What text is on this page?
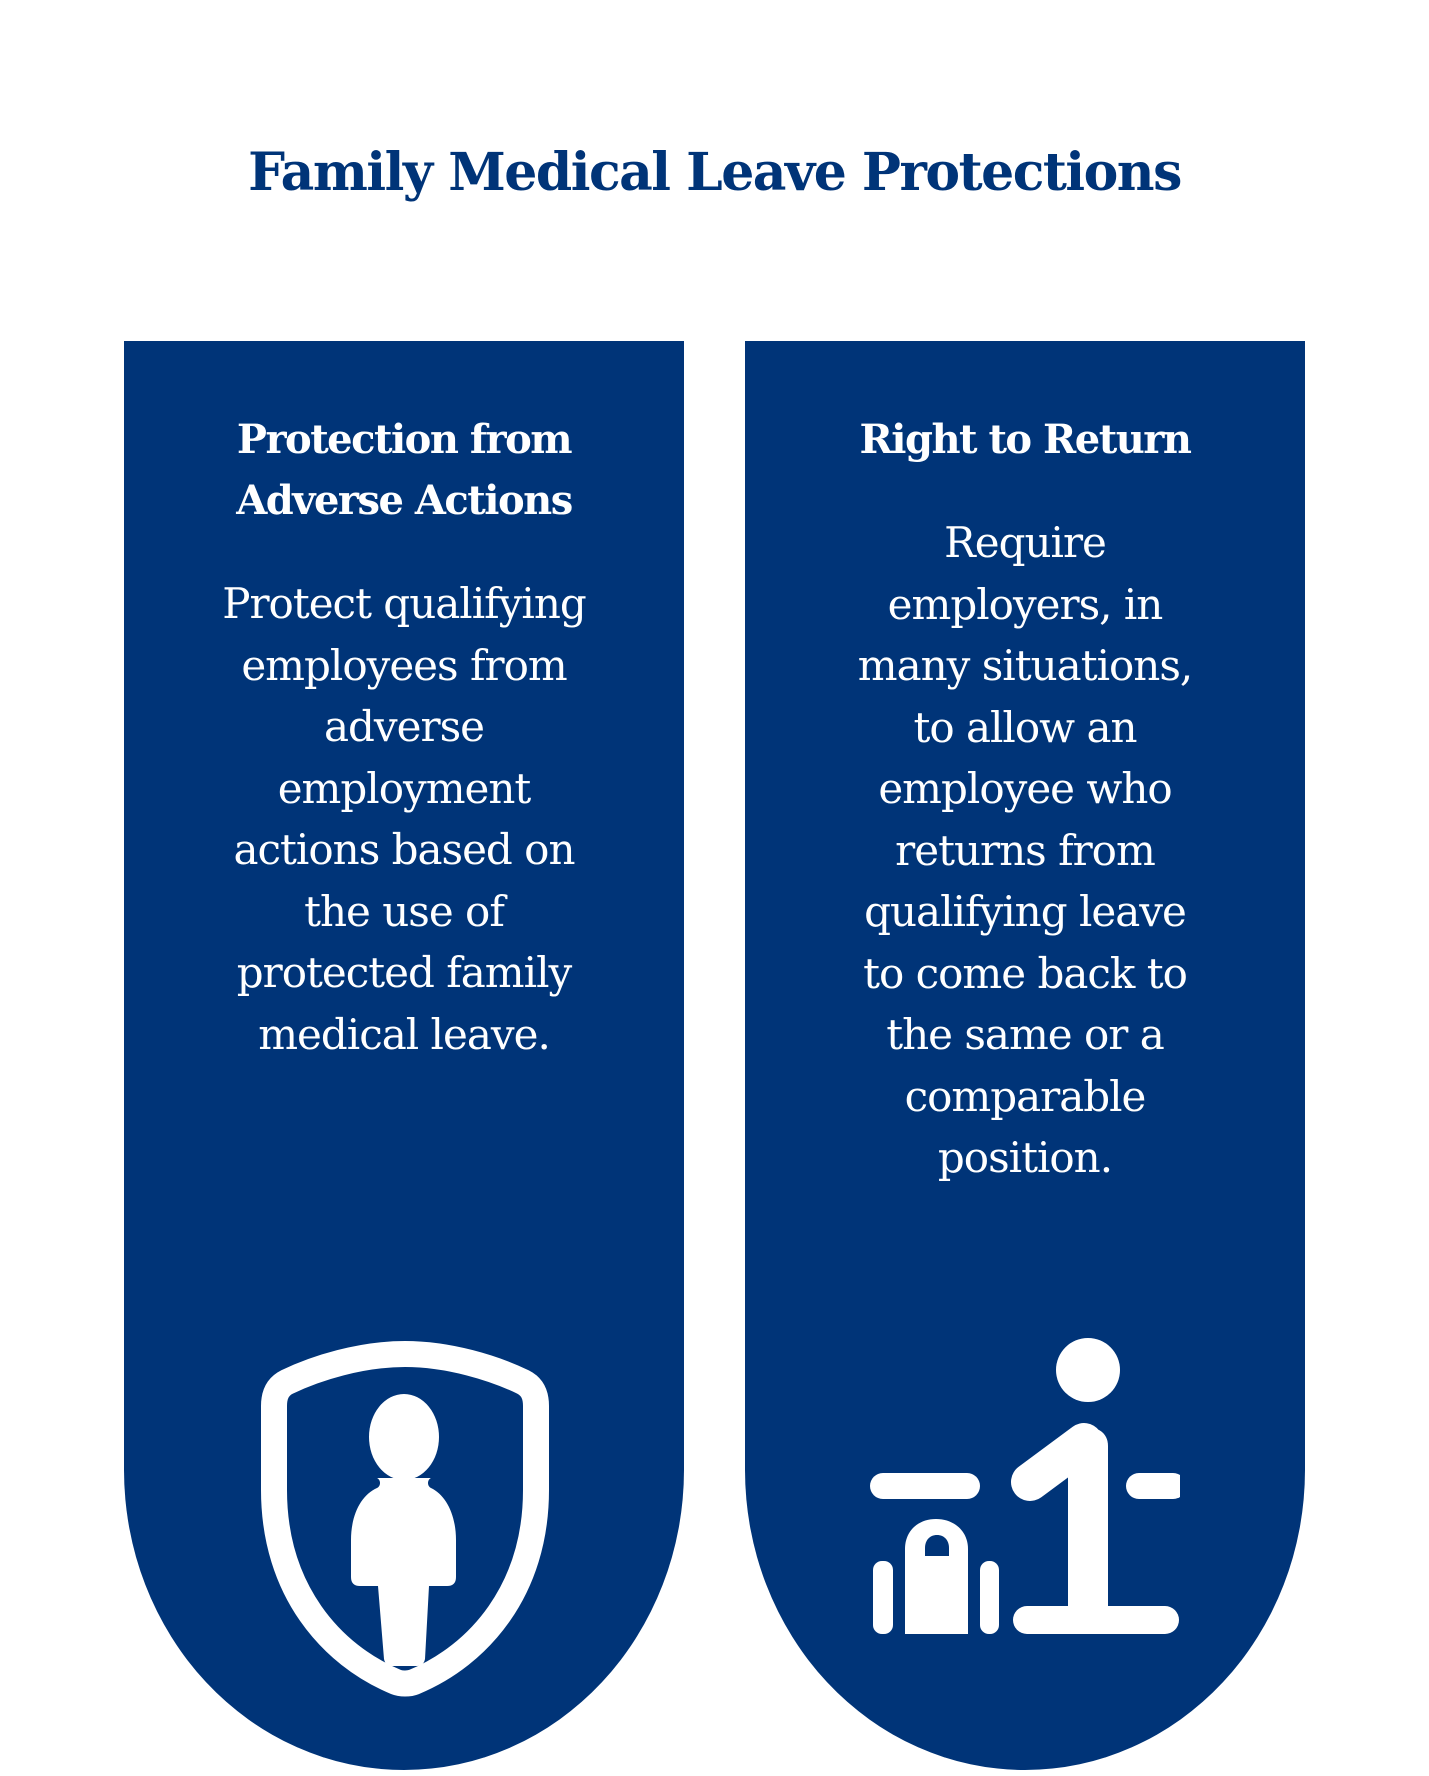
Family Medical Leave Protections
Protection from
Adverse Actions
Protect qualifying
employees from
adverse
employment
actions based on
the use of
protected family
medical leave.
Right to Return
Require
employers, in
many situations,
to allow an
employee who
returns from
qualifying leave
to come back to
the same or a
comparable
position.
